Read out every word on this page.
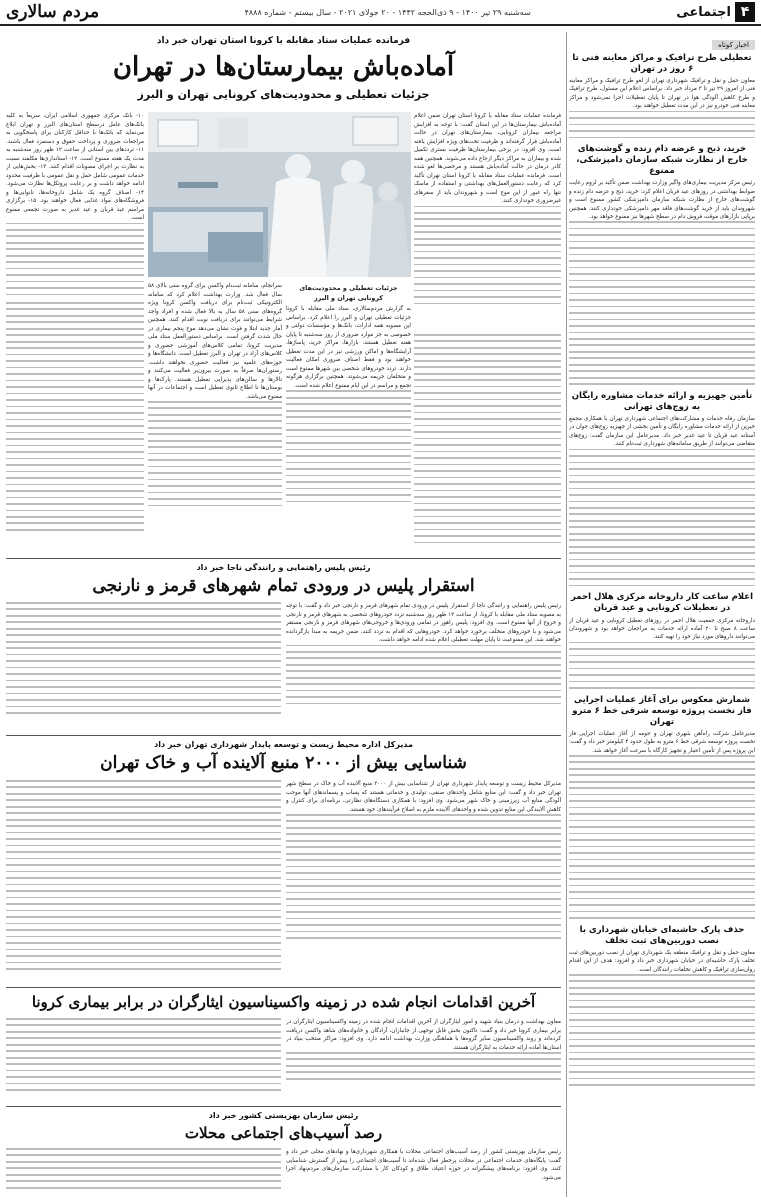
۴
اجتماعی
سه‌شنبه ۲۹ تیر ۱۴۰۰ - ۹ ذی‌الحجه ۱۴۴۲ - ۲۰ جولای ۲۰۲۱ - سال بیستم - شماره ۴۸۸۸
مردم سالاری
اخبار کوتاه
تعطیلی طرح ترافیک و مراکز معاینه فنی تا ۶ روز در تهران

معاون حمل و نقل و ترافیک شهرداری تهران از لغو طرح ترافیک و مراکز معاینه فنی از امروز ۲۹ تیر تا ۳ مرداد خبر داد. براساس اعلام این مسئول، طرح ترافیک و طرح کاهش آلودگی هوا در تهران تا پایان تعطیلات اجرا نمی‌شود و مراکز معاینه فنی خودرو نیز در این مدت تعطیل خواهند بود.

خرید، ذبح و عرضه دام زنده و گوشت‌های خارج از نظارت شبکه سازمان دامپزشکی، ممنوع

رئیس مرکز مدیریت بیماری‌های واگیر وزارت بهداشت ضمن تأکید بر لزوم رعایت ضوابط بهداشتی در روزهای عید قربان اعلام کرد: خرید، ذبح و عرضه دام زنده و گوشت‌های خارج از نظارت شبکه سازمان دامپزشکی کشور ممنوع است و شهروندان باید از خرید گوشت‌های فاقد مهر دامپزشکی خودداری کنند. همچنین برپایی بازارهای موقت فروش دام در سطح شهرها نیز ممنوع خواهد بود.

تأمین جهیزیه و ارائه خدمات مشاوره رایگان به زوج‌های تهرانی

سازمان رفاه خدمات و مشارکت‌های اجتماعی شهرداری تهران با همکاری مجمع خیرین از ارائه خدمات مشاوره رایگان و تأمین بخشی از جهیزیه زوج‌های جوان در آستانه عید قربان تا عید غدیر خبر داد. مدیرعامل این سازمان گفت: زوج‌های متقاضی می‌توانند از طریق سامانه‌های شهرداری ثبت‌نام کنند.

اعلام ساعت کار داروخانه مرکزی هلال احمر در تعطیلات کرونایی و عید قربان

داروخانه مرکزی جمعیت هلال احمر در روزهای تعطیل کرونایی و عید قربان از ساعت ۸ صبح تا ۲۰ آماده ارائه خدمات به مراجعان خواهد بود و شهروندان می‌توانند داروهای مورد نیاز خود را تهیه کنند.

شمارش معکوس برای آغاز عملیات اجرایی فاز نخست پروژه توسعه شرقی خط ۶ مترو تهران

مدیرعامل شرکت راه‌آهن شهری تهران و حومه از آغاز عملیات اجرایی فاز نخست پروژه توسعه شرقی خط ۶ مترو به طول حدود ۴ کیلومتر خبر داد و گفت: این پروژه پس از تأمین اعتبار و تجهیز کارگاه با سرعت آغاز خواهد شد.

حذف پارک حاشیه‌ای خیابان شهرداری با نصب دوربین‌های ثبت تخلف

معاون حمل و نقل و ترافیک منطقه یک شهرداری تهران از نصب دوربین‌های ثبت تخلف پارک حاشیه‌ای در خیابان شهرداری خبر داد و افزود: هدف از این اقدام روان‌سازی ترافیک و کاهش تخلفات رانندگان است.

فرمانده عملیات ستاد مقابله با کرونا استان تهران خبر داد
آماده‌باش بیمارستان‌ها در تهران
جزئیات تعطیلی و محدودیت‌های کرونایی تهران و البرز
فرمانده عملیات ستاد مقابله با کرونا استان تهران ضمن اعلام آماده‌باش بیمارستان‌ها در این استان گفت: با توجه به افزایش مراجعه بیماران کرونایی، بیمارستان‌های تهران در حالت آماده‌باش قرار گرفته‌اند و ظرفیت تخت‌های ویژه افزایش یافته است. وی افزود: در برخی بیمارستان‌ها ظرفیت بستری تکمیل شده و بیماران به مراکز دیگر ارجاع داده می‌شوند. همچنین همه کادر درمان در حالت آماده‌باش هستند و مرخصی‌ها لغو شده است. فرمانده عملیات ستاد مقابله با کرونا استان تهران تأکید کرد که رعایت دستورالعمل‌های بهداشتی و استفاده از ماسک تنها راه عبور از این موج است و شهروندان باید از سفرهای غیرضروری خودداری کنند.
۱۰- بانک مرکزی جمهوری اسلامی ایران، سریعاً به کلیه بانک‌های عامل درسطح استان‌های البرز و تهران ابلاغ می‌نماید که بانک‌ها با حداقل کارکنان برای پاسخگویی به مراجعات ضروری و پرداخت حقوق و دستمزد فعال باشند. ۱۱- ترددهای بین استانی از ساعت ۱۲ ظهر روز سه‌شنبه به مدت یک هفته ممنوع است. ۱۲- استانداری‌ها مکلفند نسبت به نظارت بر اجرای مصوبات اقدام کنند. ۱۳- بخش‌هایی از خدمات عمومی شامل حمل و نقل عمومی با ظرفیت محدود ادامه خواهد داشت و بر رعایت پروتکل‌ها نظارت می‌شود. ۱۴- اصناف گروه یک شامل داروخانه‌ها، نانوایی‌ها و فروشگاه‌های مواد غذایی فعال خواهند بود. ۱۵- برگزاری مراسم عید قربان و عید غدیر به صورت تجمعی ممنوع است.
جزئیات تعطیلی و محدودیت‌های کرونایی تهران و البرز
به گزارش مردم‌سالاری، ستاد ملی مقابله با کرونا جزئیات تعطیلی تهران و البرز را اعلام کرد. براساس این مصوبه همه ادارات، بانک‌ها و مؤسسات دولتی و خصوصی به جز موارد ضروری از روز سه‌شنبه تا پایان هفته تعطیل هستند. بازارها، مراکز خرید، پاساژها، آرایشگاه‌ها و اماکن ورزشی نیز در این مدت تعطیل خواهند بود و فقط اصناف ضروری امکان فعالیت دارند. تردد خودروهای شخصی بین شهرها ممنوع است و متخلفان جریمه می‌شوند. همچنین برگزاری هرگونه تجمع و مراسم در این ایام ممنوع اعلام شده است.
سرانجام، سامانه ثبت‌نام واکسن برای گروه سنی بالای ۵۸ سال فعال شد. وزارت بهداشت اعلام کرد که سامانه الکترونیکی ثبت‌نام برای دریافت واکسن کرونا ویژه گروه‌های سنی ۵۸ سال به بالا فعال شده و افراد واجد شرایط می‌توانند برای دریافت نوبت اقدام کنند. همچنین آمار جدید ابتلا و فوت نشان می‌دهد موج پنجم بیماری در حال شدت گرفتن است. براساس دستورالعمل ستاد ملی مدیریت کرونا، تمامی کلاس‌های آموزشی حضوری و کلاس‌های آزاد در تهران و البرز تعطیل است. دانشگاه‌ها و حوزه‌های علمیه نیز فعالیت حضوری نخواهند داشت. رستوران‌ها صرفاً به صورت بیرون‌بر فعالیت می‌کنند و تالارها و سالن‌های پذیرایی تعطیل هستند. پارک‌ها و بوستان‌ها تا اطلاع ثانوی تعطیل است و اجتماعات در آنها ممنوع می‌باشد.
رئیس پلیس راهنمایی و رانندگی ناجا خبر داد
استقرار پلیس در ورودی تمام شهرهای قرمز و نارنجی
رئیس پلیس راهنمایی و رانندگی ناجا از استقرار پلیس در ورودی تمام شهرهای قرمز و نارنجی خبر داد و گفت: با توجه به مصوبه ستاد ملی مقابله با کرونا، از ساعت ۱۲ ظهر روز سه‌شنبه تردد خودروهای شخصی به شهرهای قرمز و نارنجی و خروج از آنها ممنوع است. وی افزود: پلیس راهور در تمامی ورودی‌ها و خروجی‌های شهرهای قرمز و نارنجی مستقر می‌شود و با خودروهای متخلف برخورد خواهد کرد. خودروهایی که اقدام به تردد کنند، ضمن جریمه به مبدأ بازگردانده خواهند شد. این ممنوعیت تا پایان مهلت تعطیلی اعلام شده ادامه خواهد داشت.
مدیرکل اداره محیط زیست و توسعه پایدار شهرداری تهران خبر داد
شناسایی بیش از ۲۰۰۰ منبع آلاینده آب و خاک تهران
مدیرکل محیط زیست و توسعه پایدار شهرداری تهران از شناسایی بیش از ۲۰۰۰ منبع آلاینده آب و خاک در سطح شهر تهران خبر داد و گفت: این منابع شامل واحدهای صنفی، تولیدی و خدماتی هستند که پساب و پسماندهای آنها موجب آلودگی منابع آب زیرزمینی و خاک شهر می‌شود. وی افزود: با همکاری دستگاه‌های نظارتی، برنامه‌ای برای کنترل و کاهش آلایندگی این منابع تدوین شده و واحدهای آلاینده ملزم به اصلاح فرآیندهای خود هستند.
آخرین اقدامات انجام شده در زمینه واکسیناسیون ایثارگران در برابر بیماری کرونا
معاون بهداشت و درمان بنیاد شهید و امور ایثارگران از آخرین اقدامات انجام شده در زمینه واکسیناسیون ایثارگران در برابر بیماری کرونا خبر داد و گفت: تاکنون بخش قابل توجهی از جانبازان، آزادگان و خانواده‌های شاهد واکسن دریافت کرده‌اند و روند واکسیناسیون سایر گروه‌ها با هماهنگی وزارت بهداشت ادامه دارد. وی افزود: مراکز منتخب بنیاد در استان‌ها آماده ارائه خدمات به ایثارگران هستند.
رئیس سازمان بهزیستی کشور خبر داد
رصد آسیب‌های اجتماعی محلات
رئیس سازمان بهزیستی کشور از رصد آسیب‌های اجتماعی محلات با همکاری شهرداری‌ها و نهادهای محلی خبر داد و گفت: پایگاه‌های خدمات اجتماعی در محلات پرخطر فعال شده‌اند تا آسیب‌های اجتماعی را پیش از گسترش شناسایی کنند. وی افزود: برنامه‌های پیشگیرانه در حوزه اعتیاد، طلاق و کودکان کار با مشارکت سازمان‌های مردم‌نهاد اجرا می‌شود.
